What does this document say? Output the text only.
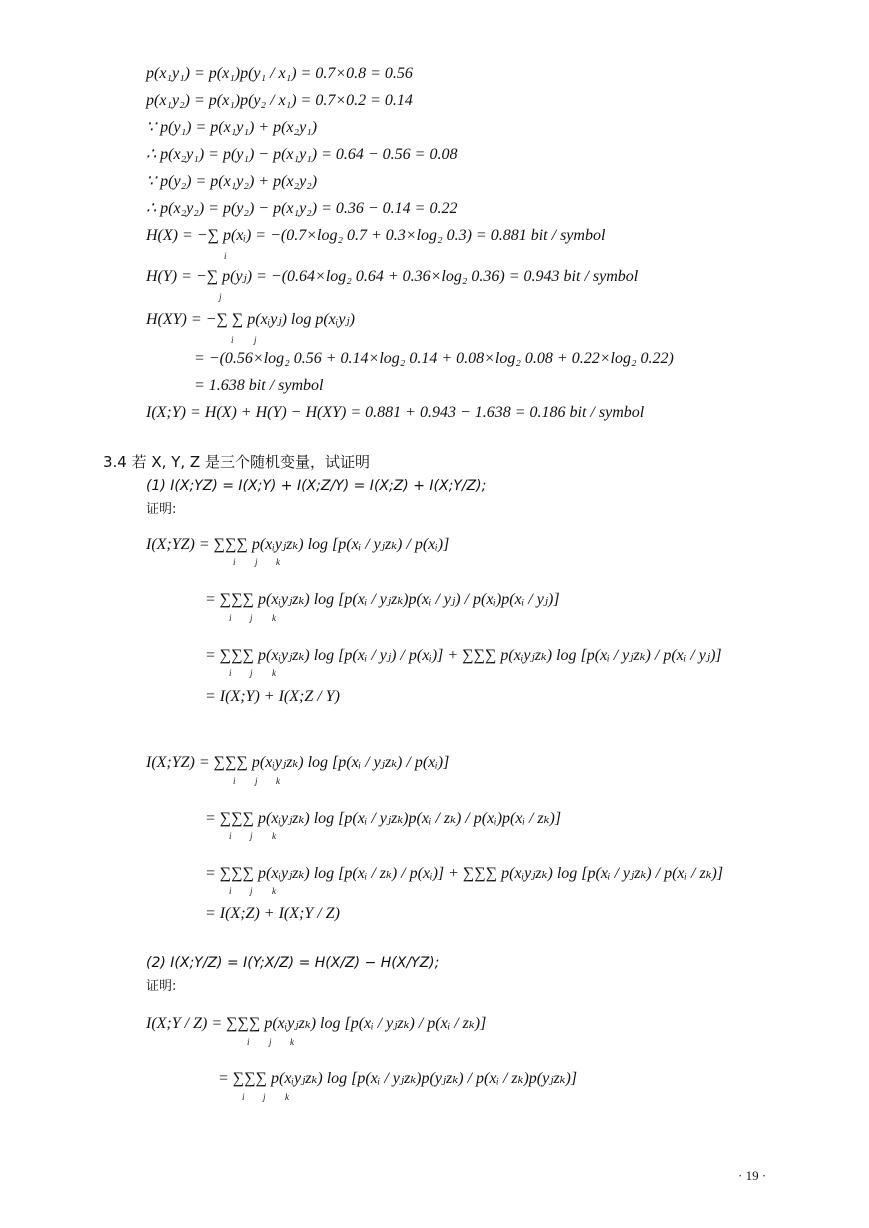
p(x₁y₁) = p(x₁)p(y₁ / x₁) = 0.7×0.8 = 0.56
p(x₁y₂) = p(x₁)p(y₂ / x₁) = 0.7×0.2 = 0.14
∵ p(y₁) = p(x₁y₁) + p(x₂y₁)
∴ p(x₂y₁) = p(y₁) − p(x₁y₁) = 0.64 − 0.56 = 0.08
∵ p(y₂) = p(x₁y₂) + p(x₂y₂)
∴ p(x₂y₂) = p(y₂) − p(x₁y₂) = 0.36 − 0.14 = 0.22
H(X) = −∑ p(xᵢ) = −(0.7×log₂ 0.7 + 0.3×log₂ 0.3) = 0.881 bit / symbol
i
H(Y) = −∑ p(yⱼ) = −(0.64×log₂ 0.64 + 0.36×log₂ 0.36) = 0.943 bit / symbol
j
H(XY) = −∑ ∑ p(xᵢyⱼ) log p(xᵢyⱼ)
i j
= −(0.56×log₂ 0.56 + 0.14×log₂ 0.14 + 0.08×log₂ 0.08 + 0.22×log₂ 0.22)
= 1.638 bit / symbol
I(X;Y) = H(X) + H(Y) − H(XY) = 0.881 + 0.943 − 1.638 = 0.186 bit / symbol
3.4 若 X, Y, Z 是三个随机变量，试证明
(1) I(X;YZ) = I(X;Y) + I(X;Z/Y) = I(X;Z) + I(X;Y/Z);
证明:
I(X;YZ) = ∑∑∑ p(xᵢyⱼzₖ) log [p(xᵢ / yⱼzₖ) / p(xᵢ)]
i j k
= ∑∑∑ p(xᵢyⱼzₖ) log [p(xᵢ / yⱼzₖ)p(xᵢ / yⱼ) / p(xᵢ)p(xᵢ / yⱼ)]
i j k
= ∑∑∑ p(xᵢyⱼzₖ) log [p(xᵢ / yⱼ) / p(xᵢ)] + ∑∑∑ p(xᵢyⱼzₖ) log [p(xᵢ / yⱼzₖ) / p(xᵢ / yⱼ)]
i j k
= I(X;Y) + I(X;Z / Y)
I(X;YZ) = ∑∑∑ p(xᵢyⱼzₖ) log [p(xᵢ / yⱼzₖ) / p(xᵢ)]
i j k
= ∑∑∑ p(xᵢyⱼzₖ) log [p(xᵢ / yⱼzₖ)p(xᵢ / zₖ) / p(xᵢ)p(xᵢ / zₖ)]
i j k
= ∑∑∑ p(xᵢyⱼzₖ) log [p(xᵢ / zₖ) / p(xᵢ)] + ∑∑∑ p(xᵢyⱼzₖ) log [p(xᵢ / yⱼzₖ) / p(xᵢ / zₖ)]
i j k
= I(X;Z) + I(X;Y / Z)
(2) I(X;Y/Z) = I(Y;X/Z) = H(X/Z) − H(X/YZ);
证明:
I(X;Y / Z) = ∑∑∑ p(xᵢyⱼzₖ) log [p(xᵢ / yⱼzₖ) / p(xᵢ / zₖ)]
i j k
= ∑∑∑ p(xᵢyⱼzₖ) log [p(xᵢ / yⱼzₖ)p(yⱼzₖ) / p(xᵢ / zₖ)p(yⱼzₖ)]
i j k
· 19 ·
